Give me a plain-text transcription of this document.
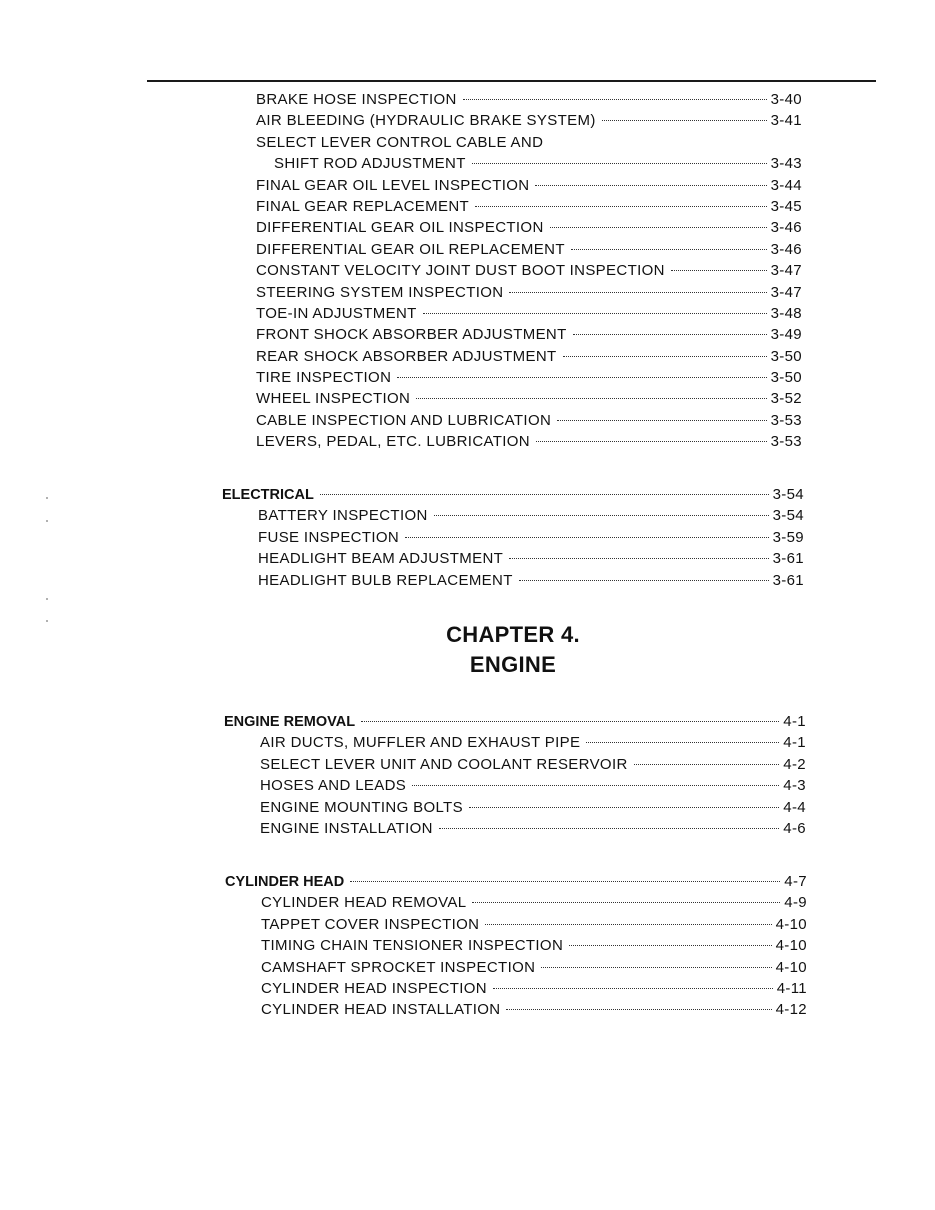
BRAKE HOSE INSPECTION	3-40
AIR BLEEDING (HYDRAULIC BRAKE SYSTEM)	3-41
SELECT LEVER CONTROL CABLE AND
SHIFT ROD ADJUSTMENT	3-43
FINAL GEAR OIL LEVEL INSPECTION	3-44
FINAL GEAR REPLACEMENT	3-45
DIFFERENTIAL GEAR OIL INSPECTION	3-46
DIFFERENTIAL GEAR OIL REPLACEMENT	3-46
CONSTANT VELOCITY JOINT DUST BOOT INSPECTION	3-47
STEERING SYSTEM INSPECTION	3-47
TOE-IN ADJUSTMENT	3-48
FRONT SHOCK ABSORBER ADJUSTMENT	3-49
REAR SHOCK ABSORBER ADJUSTMENT	3-50
TIRE INSPECTION	3-50
WHEEL INSPECTION	3-52
CABLE INSPECTION AND LUBRICATION	3-53
LEVERS, PEDAL, ETC. LUBRICATION	3-53
ELECTRICAL	3-54
BATTERY INSPECTION	3-54
FUSE INSPECTION	3-59
HEADLIGHT BEAM ADJUSTMENT	3-61
HEADLIGHT BULB REPLACEMENT	3-61
CHAPTER 4.
ENGINE
ENGINE REMOVAL	4-1
AIR DUCTS, MUFFLER AND EXHAUST PIPE	4-1
SELECT LEVER UNIT AND COOLANT RESERVOIR	4-2
HOSES AND LEADS	4-3
ENGINE MOUNTING BOLTS	4-4
ENGINE INSTALLATION	4-6
CYLINDER HEAD	4-7
CYLINDER HEAD REMOVAL	4-9
TAPPET COVER INSPECTION	4-10
TIMING CHAIN TENSIONER INSPECTION	4-10
CAMSHAFT SPROCKET INSPECTION	4-10
CYLINDER HEAD INSPECTION	4-11
CYLINDER HEAD INSTALLATION	4-12
